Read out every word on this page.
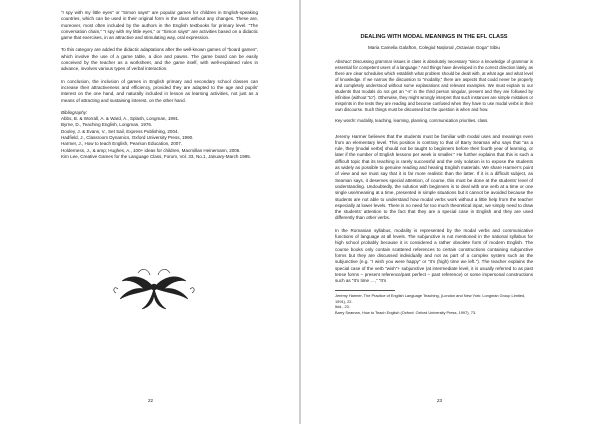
“I spy with my little eyes” or “Simon says!” are popular games for children in English-speaking countries, which can be used in their original form in the class without any changes. These are, moreover, most often included by the authors in the English textbooks for primary level. “The conversation chain,” “I spy with my little eyes,” or “Simon says!” are activities based on a didactic game that exercises, in an attractive and stimulating way, oral expression.

To this category are added the didactic adaptations after the well-known games of “board games”, which involve the use of a game table, a dice and pawns. The game board can be easily conceived by the teacher as a worksheet, and the game itself, with well-explained rules in advance, involves various types of verbal interaction.

In conclusion, the inclusion of games in English primary and secondary school classes can increase their attractiveness and efficiency, provided they are adapted to the age and pupils’ interest on the one hand, and naturally included in lesson as learning activities, not just as a means of attracting and sustaining interest, on the other hand.

Bibliography:

Abbs, B. & Worrall, A. & Ward, A., Splash, Longman, 1991.

Byrne, D., Teaching English, Longman, 1976.

Dooley, J. & Evans, V., Set Sail, Express Publishing, 2004.

Hadfield, J., Classroom Dynamics, Oxford University Press, 1990.

Harmer, J., How to teach English, Pearson Education, 2007.

Holderness, J., & amp; Hughes, A., 100+ ideas for children, Macmillan Heinemann, 2006.

Kim Lee, Creative Games for the Language Class, Forum, Vol. 33, No.1, January-March 1995.

22

DEALING WITH MODAL MEANINGS IN THE EFL CLASS

Maria Camelia Galafton, Colegiul Național „Octavian Goga” Sibiu

Abstract: Discussing grammar issues in class is absolutely necessary “since a knowledge of grammar is essential for competent users of a language.” And things have developed in the correct direction lately, as there are clear schedules which establish what problem should be dealt with, at what age and what level of knowledge. If we narrow the discussion to “modality,” there are aspects that could never be properly and completely understood without some explanations and relevant examples. We must explain to our students that modals do not get an “-s” in the third person singular, present and they are followed by infinitive (without “to”). Otherwise, they might wrongly interpret that such instances are simple mistakes or misprints in the texts they are reading and become confused when they have to use modal verbs in their own discourse. Such things must be discussed but the question is when and how.

Key words: modality, teaching, learning, planning, communication priorities, class.

Jeremy Harmer believes that the students must be familiar with modal uses and meanings even from an elementary level. This position is contrary to that of Barry Seaman who says that “as a rule, they [modal verbs] should not be taught to beginners before their fourth year of learning, or later if the number of English lessons per week is smaller.” He further explains that this is such a difficult topic that its teaching is rarely successful and the only solution is to expose the students as widely as possible to genuine reading and hearing English materials. We share Harmer’s point of view and we must say that it is far more realistic than the latter. If it is a difficult subject, as Seaman says, it deserves special attention, of course, this must be done at the students’ level of understanding. Undoubtedly, the solution with beginners is to deal with one verb at a time or one single use/meaning at a time, presented in simple situations but it cannot be avoided because the students are not able to understand how modal verbs work without a little help from the teacher especially at lower levels. There is no need for too much theoretical input, we simply need to draw the students’ attention to the fact that they are a special case in English and they are used differently than other verbs.

In the Romanian syllabus, modality is represented by the modal verbs and communicative functions of language at all levels. The subjunctive is not mentioned in the national syllabus for high school probably because it is considered a rather obsolete form of modern English. The course books only contain scattered references to certain constructions containing subjunctive forms but they are discussed individually and not as part of a complex system such as the subjunctive (e.g. “I wish you were happy” or “It’s (high) time we left.”). The teacher explains the special case of the verb “wish”+ subjunctive (at intermediate level, it is usually referred to as past tense forms – present reference/past perfect – past reference) or some impersonal constructions such as “It’s time …,” “It’s

Jeremy Harmer, The Practice of English Language Teaching, (London and New York: Longman Group Limited, 1991), 22.

Ibid., 23.

Barry Seaman, How to Teach English (Oxford: Oxford University Press, 1997), 73.

23
